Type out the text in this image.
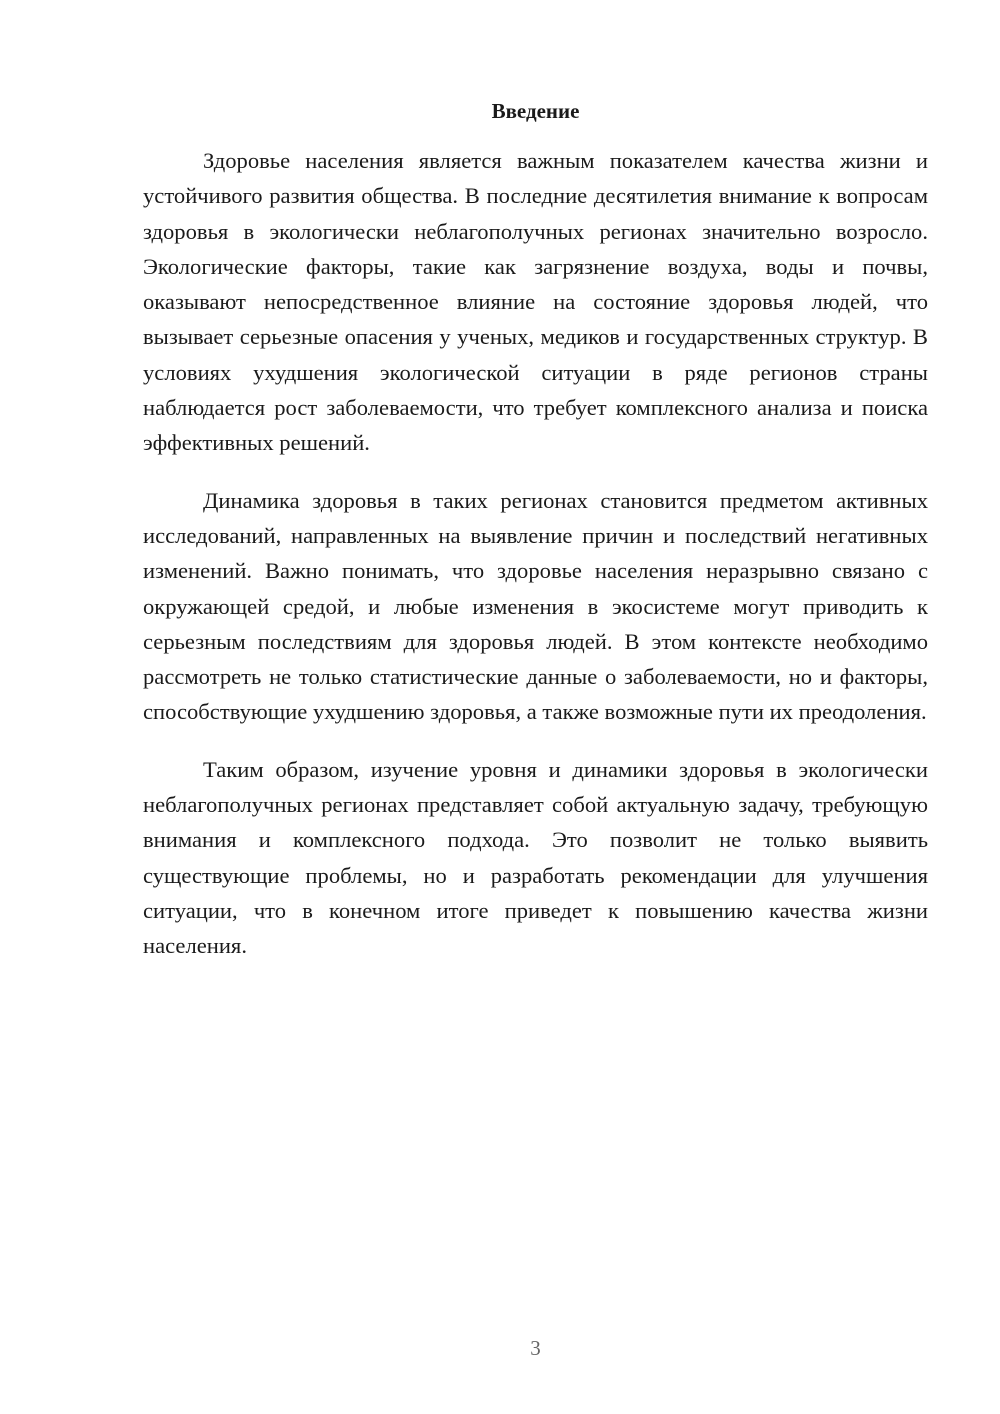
Введение

Здоровье населения является важным показателем качества жизни и устойчивого развития общества. В последние десятилетия внимание к вопросам здоровья в экологически неблагополучных регионах значительно возросло. Экологические факторы, такие как загрязнение воздуха, воды и почвы, оказывают непосредственное влияние на состояние здоровья людей, что вызывает серьезные опасения у ученых, медиков и государственных структур. В условиях ухудшения экологической ситуации в ряде регионов страны наблюдается рост заболеваемости, что требует комплексного анализа и поиска эффективных решений.

Динамика здоровья в таких регионах становится предметом активных исследований, направленных на выявление причин и последствий негативных изменений. Важно понимать, что здоровье населения неразрывно связано с окружающей средой, и любые изменения в экосистеме могут приводить к серьезным последствиям для здоровья людей. В этом контексте необходимо рассмотреть не только статистические данные о заболеваемости, но и факторы, способствующие ухудшению здоровья, а также возможные пути их преодоления.

Таким образом, изучение уровня и динамики здоровья в экологически неблагополучных регионах представляет собой актуальную задачу, требующую внимания и комплексного подхода. Это позволит не только выявить существующие проблемы, но и разработать рекомендации для улучшения ситуации, что в конечном итоге приведет к повышению качества жизни населения.

3
